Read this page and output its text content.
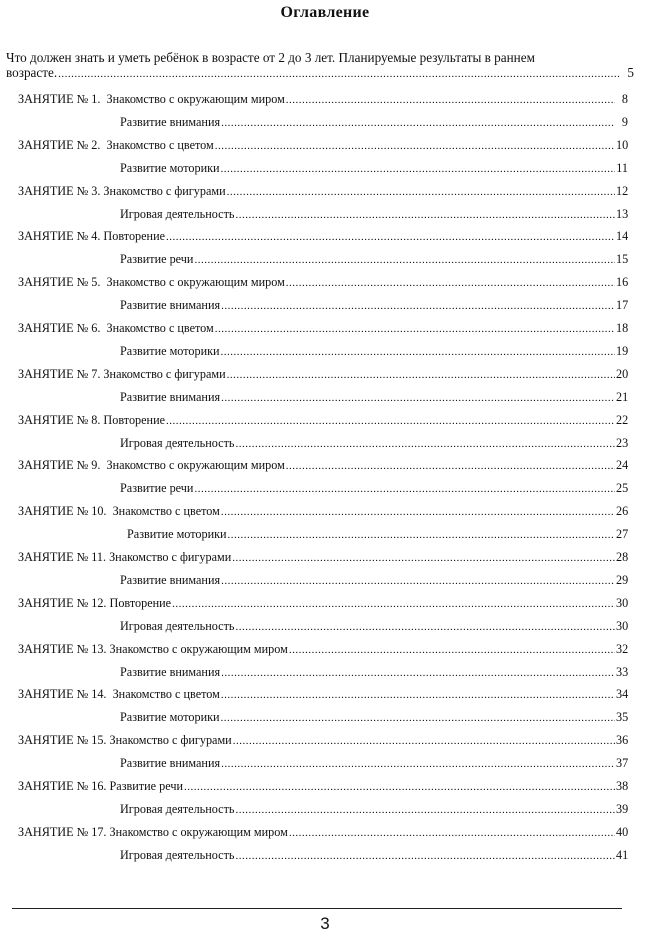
Оглавление
Что должен знать и уметь ребёнок в возрасте от 2 до 3 лет. Планируемые результаты в раннем
возрасте. .....	5
ЗАНЯТИЕ № 1.  Знакомство с окружающим миром .....	8
Развитие внимания .....	9
ЗАНЯТИЕ № 2.  Знакомство с цветом .....	10
Развитие моторики .....	11
ЗАНЯТИЕ № 3. Знакомство с фигурами .....	12
Игровая деятельность .....	13
ЗАНЯТИЕ № 4. Повторение .....	14
Развитие речи .....	15
ЗАНЯТИЕ № 5.  Знакомство с окружающим миром .....	16
Развитие внимания .....	17
ЗАНЯТИЕ № 6.  Знакомство с цветом .....	18
Развитие моторики .....	19
ЗАНЯТИЕ № 7. Знакомство с фигурами .....	20
Развитие внимания .....	21
ЗАНЯТИЕ № 8. Повторение .....	22
Игровая деятельность .....	23
ЗАНЯТИЕ № 9.  Знакомство с окружающим миром .....	24
Развитие речи .....	25
ЗАНЯТИЕ № 10.  Знакомство с цветом .....	26
Развитие моторики .....	27
ЗАНЯТИЕ № 11. Знакомство с фигурами .....	28
Развитие внимания .....	29
ЗАНЯТИЕ № 12. Повторение .....	30
Игровая деятельность .....	30
ЗАНЯТИЕ № 13. Знакомство с окружающим миром .....	32
Развитие внимания .....	33
ЗАНЯТИЕ № 14.  Знакомство с цветом .....	34
Развитие моторики .....	35
ЗАНЯТИЕ № 15. Знакомство с фигурами .....	36
Развитие внимания .....	37
ЗАНЯТИЕ № 16. Развитие речи .....	38
Игровая деятельность .....	39
ЗАНЯТИЕ № 17. Знакомство с окружающим миром .....	40
Игровая деятельность .....	41
3
